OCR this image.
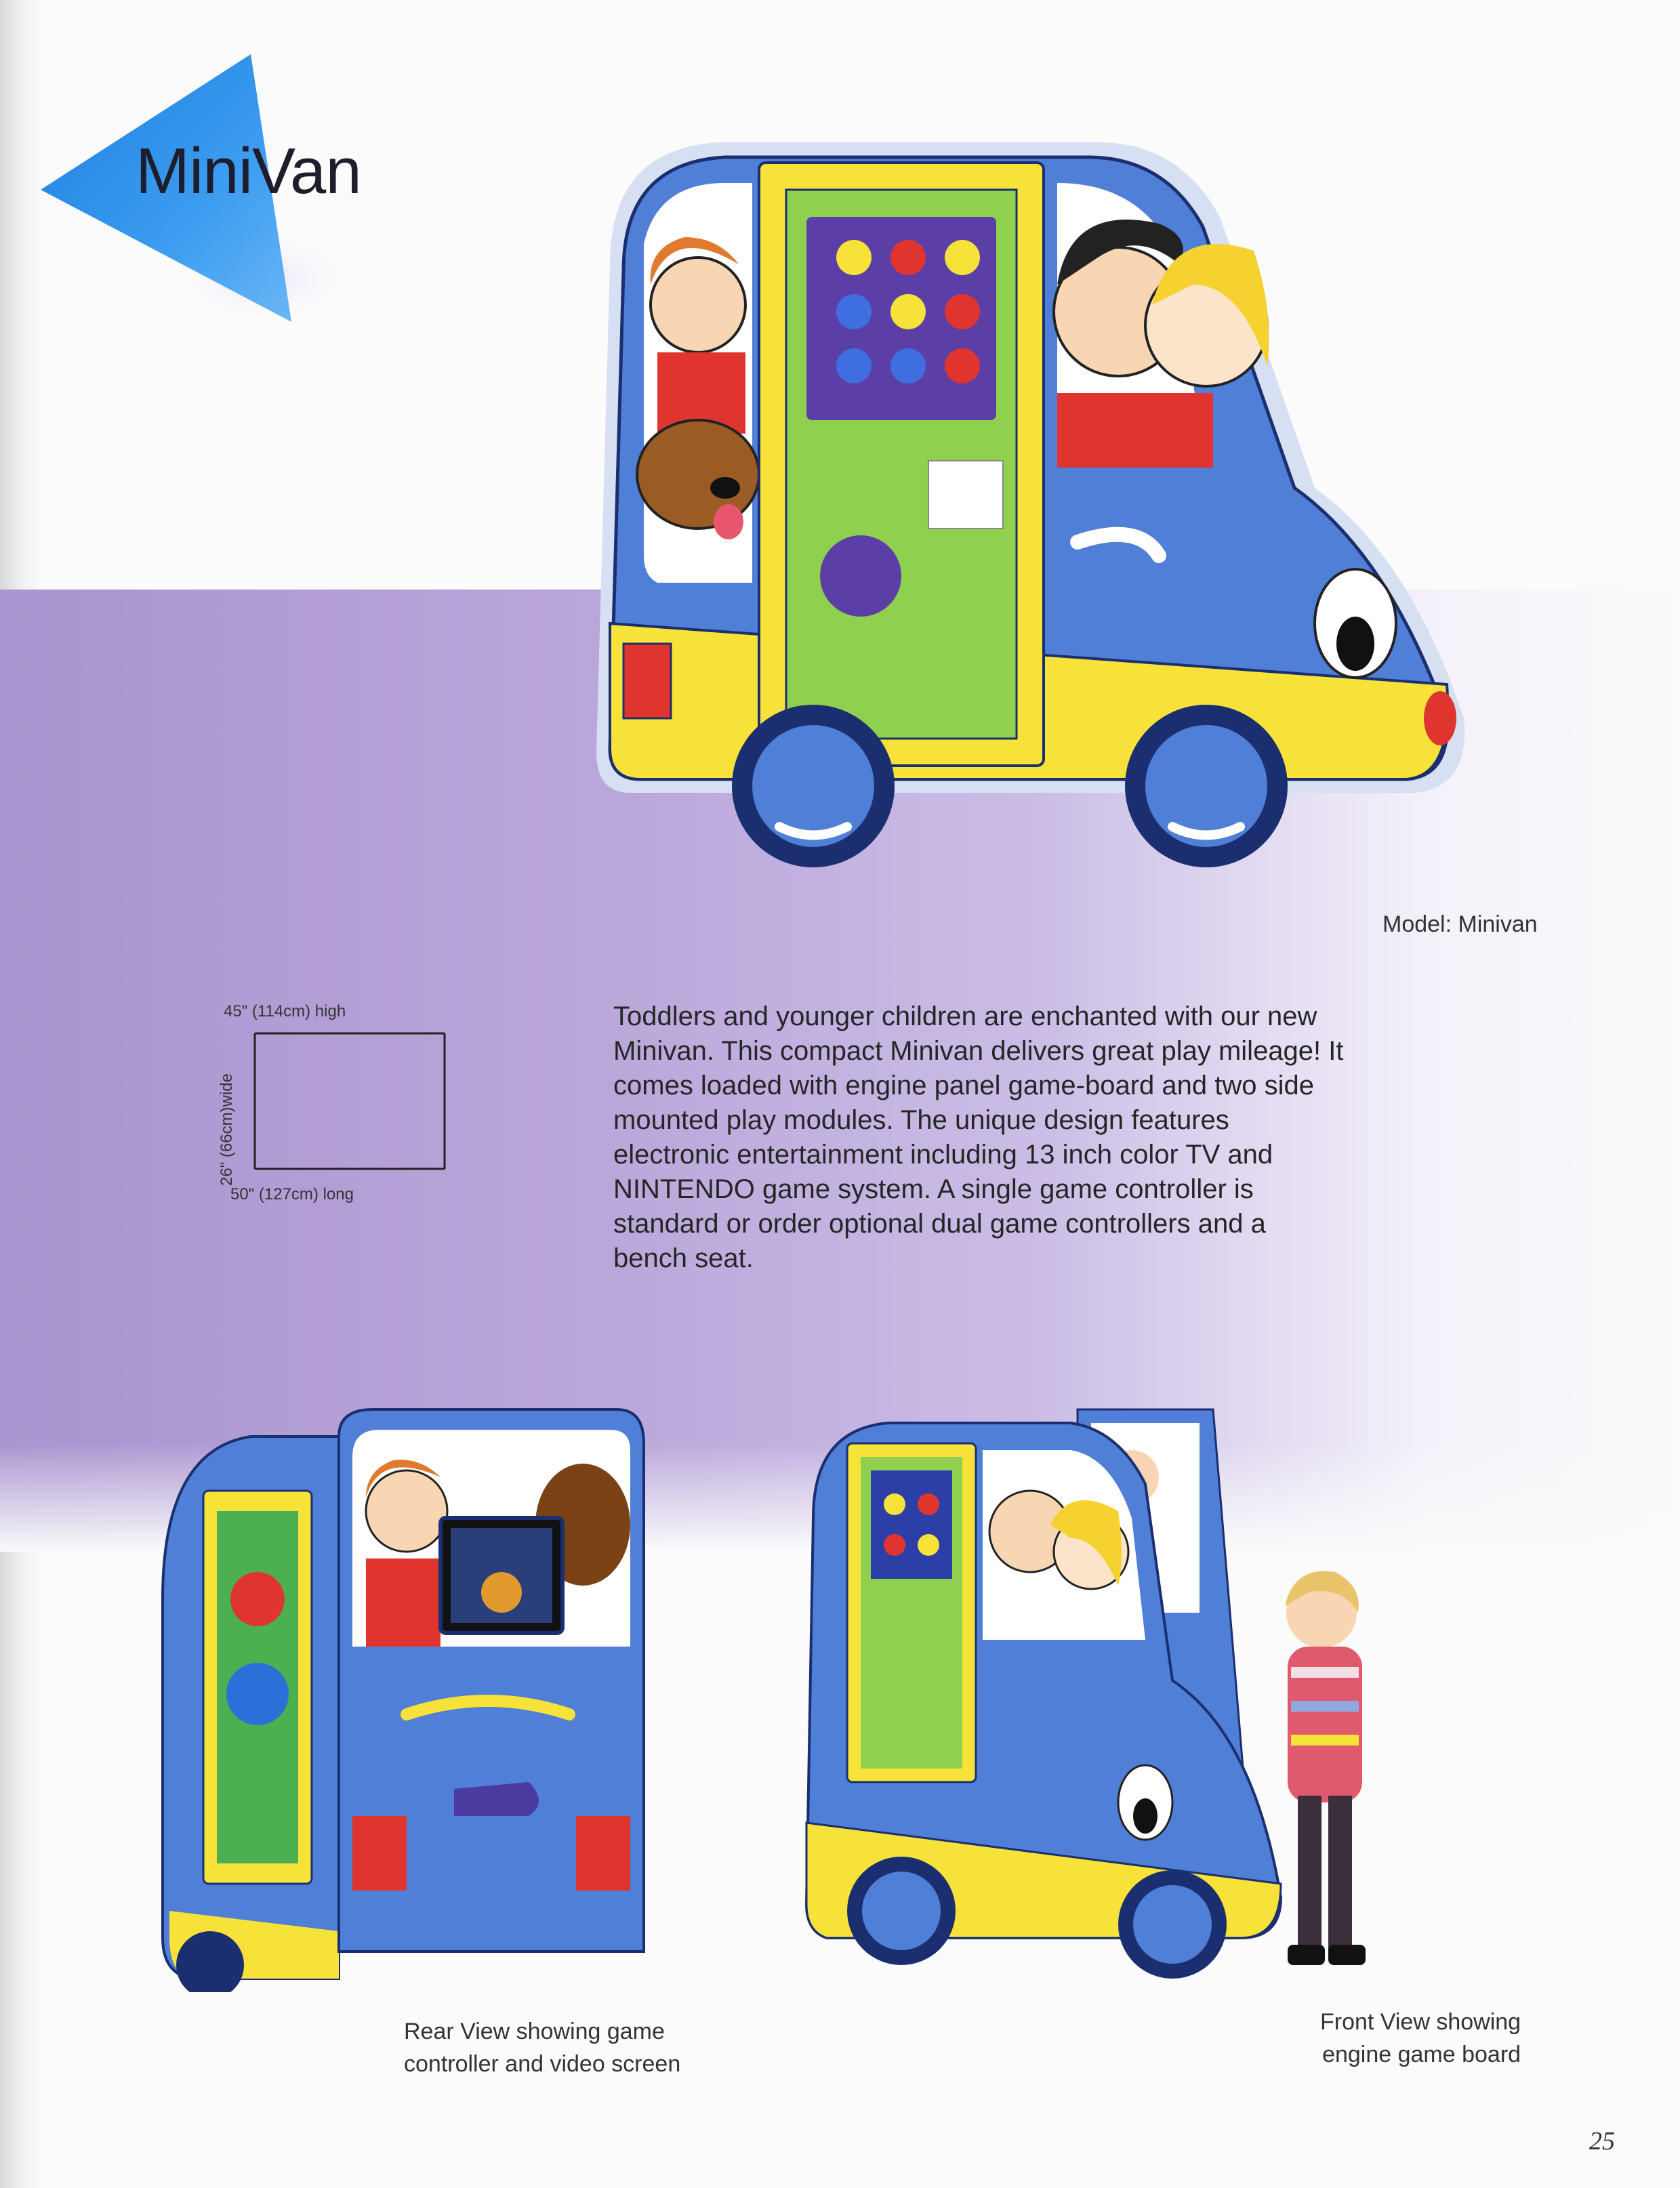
MiniVan
Model: Minivan
45" (114cm) high
26" (66cm)wide
50" (127cm) long
Toddlers and younger children are enchanted with our new
Minivan. This compact Minivan delivers great play mileage! It
comes loaded with engine panel game-board and two side
mounted play modules. The unique design features
electronic entertainment including 13 inch color TV and
NINTENDO game system. A single game controller is
standard or order optional dual game controllers and a
bench seat.
Rear View showing game
controller and video screen
Front View showing
engine game board
25
